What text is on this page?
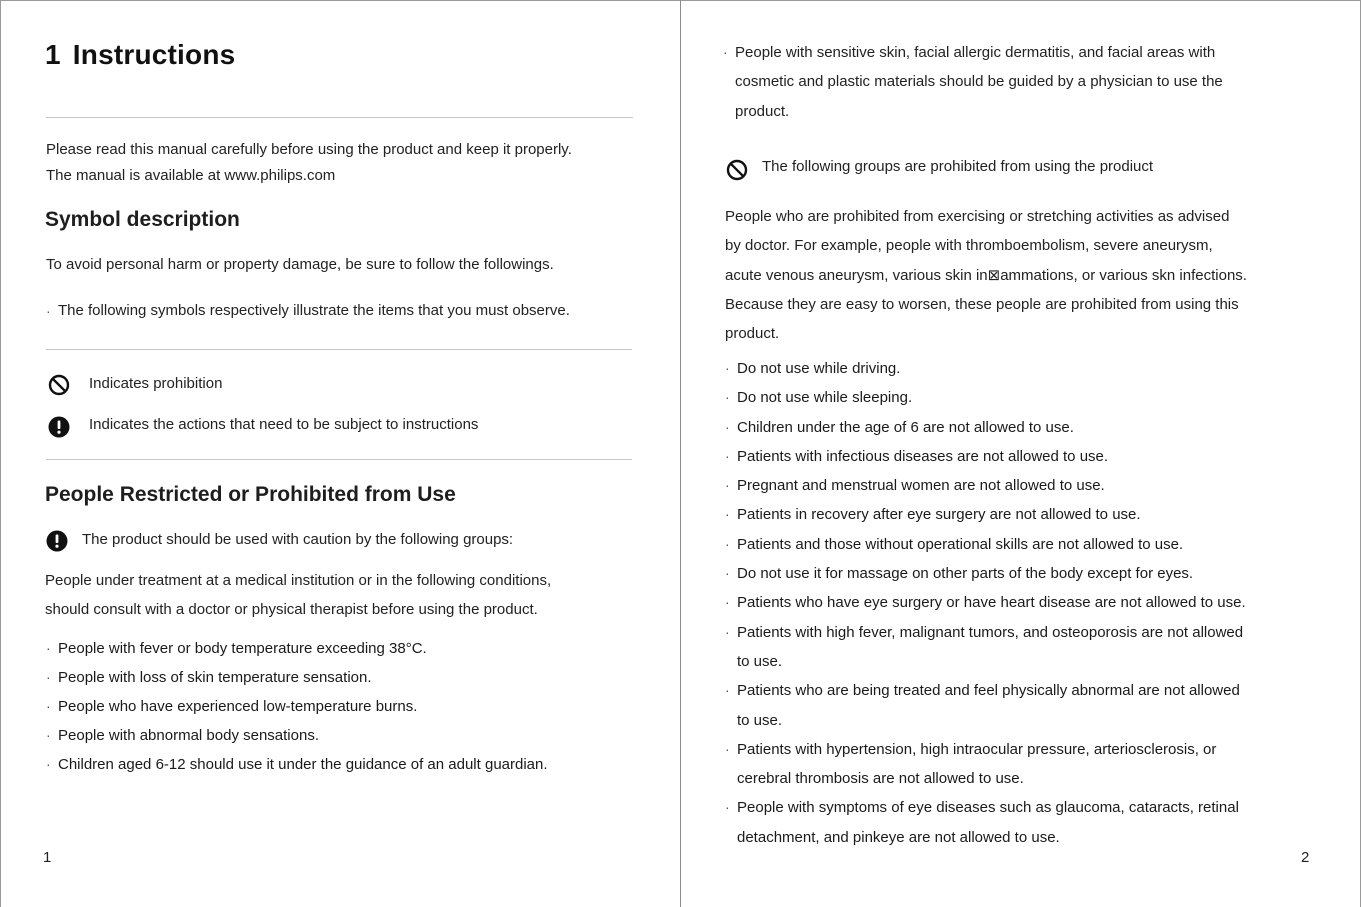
1 Instructions
Please read this manual carefully before using the product and keep it properly.
The manual is available at www.philips.com
Symbol description
To avoid personal harm or property damage, be sure to follow the followings.
· The following symbols respectively illustrate the items that you must observe.
Indicates prohibition
Indicates the actions that need to be subject to instructions
People Restricted or Prohibited from Use
The product should be used with caution by the following groups:
People under treatment at a medical institution or in the following conditions,
should consult with a doctor or physical therapist before using the product.
· People with fever or body temperature exceeding 38°C.
· People with loss of skin temperature sensation.
· People who have experienced low-temperature burns.
· People with abnormal body sensations.
· Children aged 6-12 should use it under the guidance of an adult guardian.
1
· People with sensitive skin, facial allergic dermatitis, and facial areas with
cosmetic and plastic materials should be guided by a physician to use the
product.
The following groups are prohibited from using the prodiuct
People who are prohibited from exercising or stretching activities as advised
by doctor. For example, people with thromboembolism, severe aneurysm,
acute venous aneurysm, various skin in⊠ammations, or various skn infections.
Because they are easy to worsen, these people are prohibited from using this
product.
· Do not use while driving.
· Do not use while sleeping.
· Children under the age of 6 are not allowed to use.
· Patients with infectious diseases are not allowed to use.
· Pregnant and menstrual women are not allowed to use.
· Patients in recovery after eye surgery are not allowed to use.
· Patients and those without operational skills are not allowed to use.
· Do not use it for massage on other parts of the body except for eyes.
· Patients who have eye surgery or have heart disease are not allowed to use.
· Patients with high fever, malignant tumors, and osteoporosis are not allowed
to use.
· Patients who are being treated and feel physically abnormal are not allowed
to use.
· Patients with hypertension, high intraocular pressure, arteriosclerosis, or
cerebral thrombosis are not allowed to use.
· People with symptoms of eye diseases such as glaucoma, cataracts, retinal
detachment, and pinkeye are not allowed to use.
2
